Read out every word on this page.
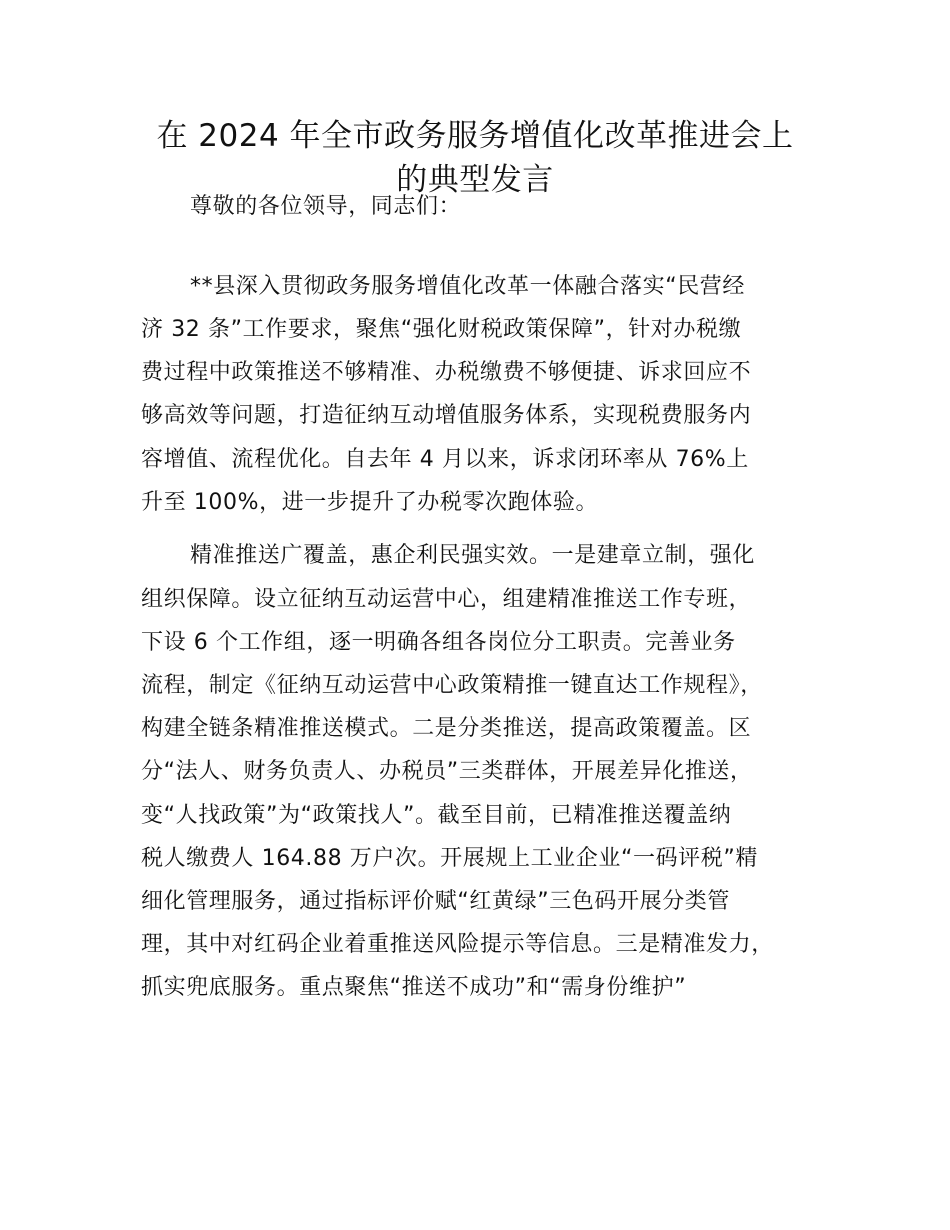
在 2024 年全市政务服务增值化改革推进会上
的典型发言
尊敬的各位领导，同志们：
**县深入贯彻政务服务增值化改革一体融合落实“民营经
济 32 条”工作要求，聚焦“强化财税政策保障”，针对办税缴
费过程中政策推送不够精准、办税缴费不够便捷、诉求回应不
够高效等问题，打造征纳互动增值服务体系，实现税费服务内
容增值、流程优化。自去年 4 月以来，诉求闭环率从 76%上
升至 100%，进一步提升了办税零次跑体验。
精准推送广覆盖，惠企利民强实效。一是建章立制，强化
组织保障。设立征纳互动运营中心，组建精准推送工作专班，
下设 6 个工作组，逐一明确各组各岗位分工职责。完善业务
流程，制定《征纳互动运营中心政策精推一键直达工作规程》，
构建全链条精准推送模式。二是分类推送，提高政策覆盖。区
分“法人、财务负责人、办税员”三类群体，开展差异化推送，
变“人找政策”为“政策找人”。截至目前，已精准推送覆盖纳
税人缴费人 164.88 万户次。开展规上工业企业“一码评税”精
细化管理服务，通过指标评价赋“红黄绿”三色码开展分类管
理，其中对红码企业着重推送风险提示等信息。三是精准发力，
抓实兜底服务。重点聚焦“推送不成功”和“需身份维护”
